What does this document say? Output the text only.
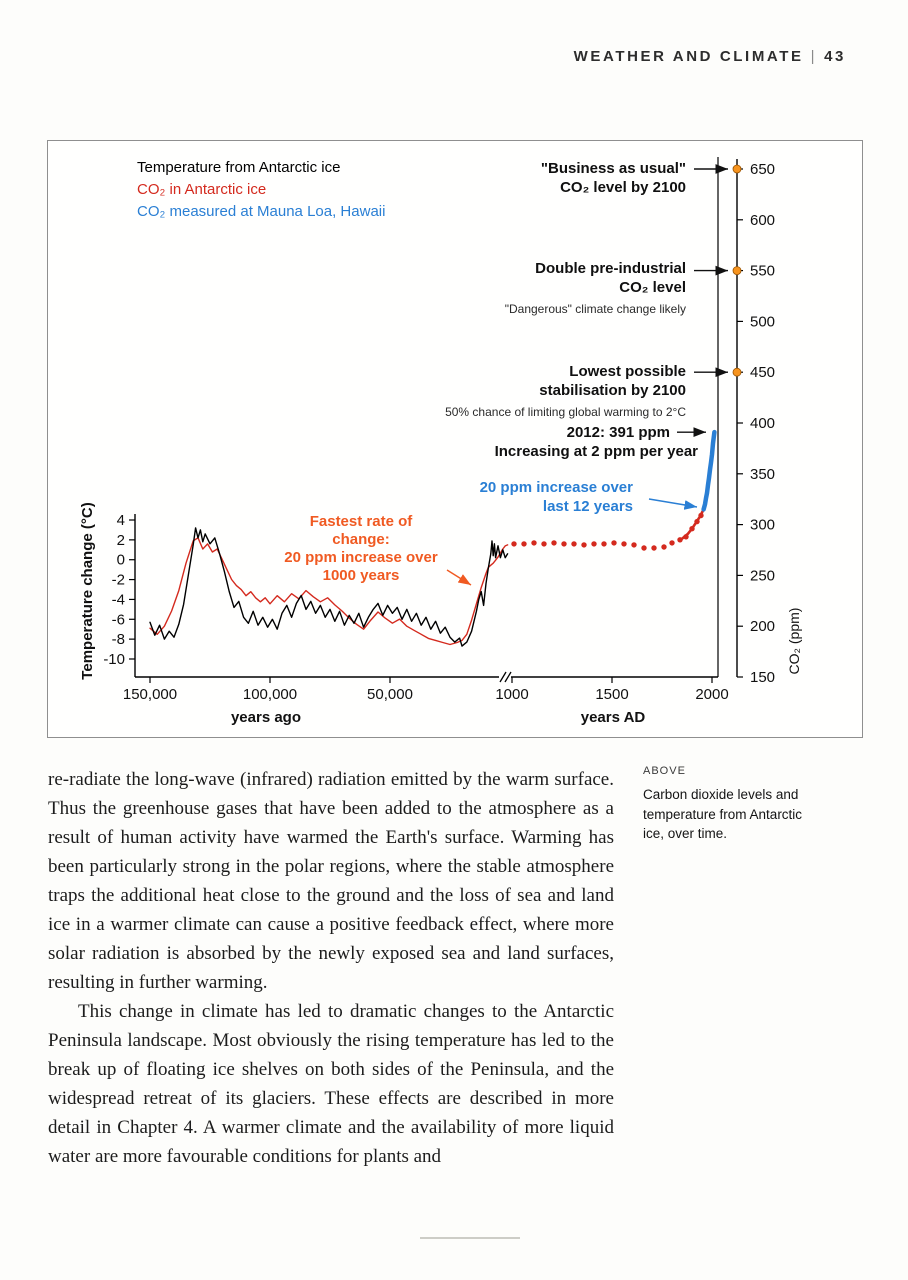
WEATHER AND CLIMATE | 43
4
2
0
-2
-4
-6
-8
-10
650
600
550
500
450
400
350
300
250
200
150
150,000	100,000	50,000	1000	1500	2000
years ago	years AD
Temperature change (°C)	CO₂ (ppm)
Temperature from Antarctic ice
CO₂ in Antarctic ice
CO₂ measured at Mauna Loa, Hawaii
"Business as usual"
CO₂ level by 2100
Double pre-industrial
CO₂ level
"Dangerous" climate change likely
Lowest possible
stabilisation by 2100
50% chance of limiting global warming to 2°C
2012: 391 ppm
Increasing at 2 ppm per year
20 ppm increase over
last 12 years
Fastest rate of change:
20 ppm increase over
1000 years

re-radiate the long-wave (infrared) radiation emitted by the warm surface. Thus the greenhouse gases that have been added to the atmosphere as a result of human activity have warmed the Earth's surface. Warming has been particularly strong in the polar regions, where the stable atmosphere traps the additional heat close to the ground and the loss of sea and land ice in a warmer climate can cause a positive feedback effect, where more solar radiation is absorbed by the newly exposed sea and land surfaces, resulting in further warming.

This change in climate has led to dramatic changes to the Antarctic Peninsula landscape. Most obviously the rising temperature has led to the break up of floating ice shelves on both sides of the Peninsula, and the widespread retreat of its glaciers. These effects are described in more detail in Chapter 4. A warmer climate and the availability of more liquid water are more favourable conditions for plants and

ABOVE
Carbon dioxide levels and temperature from Antarctic ice, over time.
